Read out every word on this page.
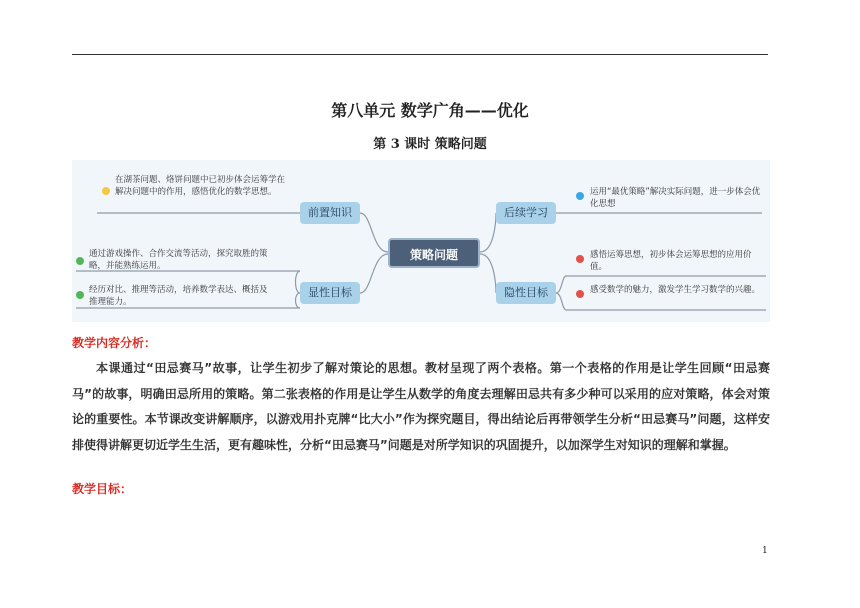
第八单元 数学广角——优化
第 3 课时 策略问题
策略问题
前置知识
显性目标
后续学习
隐性目标
在湖茶问题、烙饼问题中已初步体会运筹学在解决问题中的作用，感悟优化的数学思想。
通过游戏操作、合作交流等活动，探究取胜的策略，并能熟练运用。
经历对比、推理等活动，培养数学表达、概括及推理能力。
运用“最优策略”解决实际问题，进一步体会优化思想
感悟运筹思想，初步体会运筹思想的应用价值。
感受数学的魅力，激发学生学习数学的兴趣。
教学内容分析：
本课通过“田忌赛马”故事，让学生初步了解对策论的思想。教材呈现了两个表格。第一个表格的作用是让学生回顾“田忌赛马”的故事，明确田忌所用的策略。第二张表格的作用是让学生从数学的角度去理解田忌共有多少种可以采用的应对策略，体会对策论的重要性。本节课改变讲解顺序，以游戏用扑克牌“比大小”作为探究题目，得出结论后再带领学生分析“田忌赛马”问题，这样安排使得讲解更切近学生生活，更有趣味性，分析“田忌赛马”问题是对所学知识的巩固提升，以加深学生对知识的理解和掌握。
教学目标：
1
